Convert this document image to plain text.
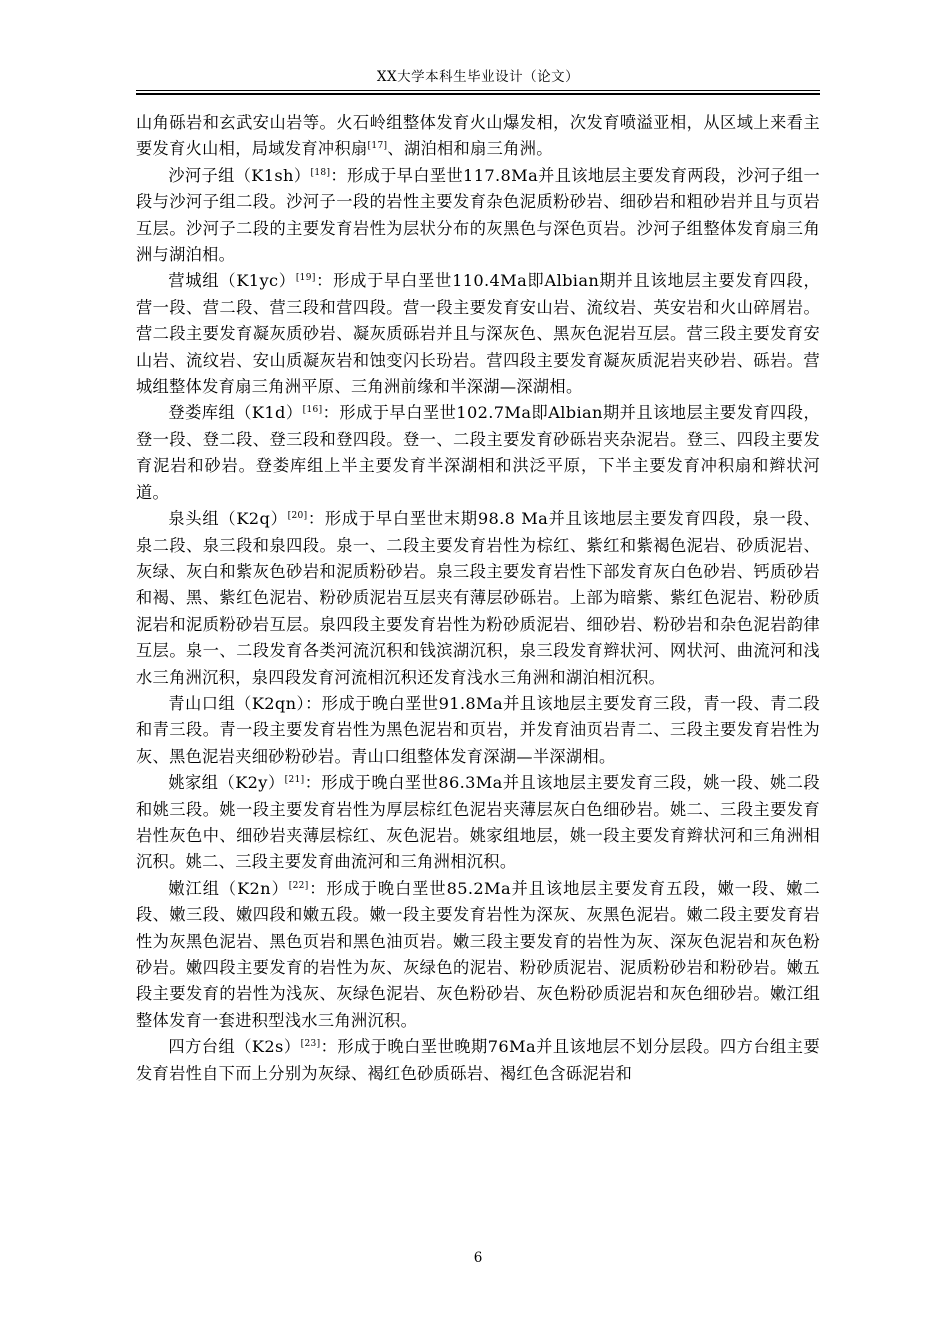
XX大学本科生毕业设计（论文）

山角砾岩和玄武安山岩等。火石岭组整体发育火山爆发相，次发育喷溢亚相，从区域上来看主要发育火山相，局域发育冲积扇[17]、湖泊相和扇三角洲。

沙河子组（K1sh）[18]：形成于早白垩世117.8Ma并且该地层主要发育两段，沙河子组一段与沙河子组二段。沙河子一段的岩性主要发育杂色泥质粉砂岩、细砂岩和粗砂岩并且与页岩互层。沙河子二段的主要发育岩性为层状分布的灰黑色与深色页岩。沙河子组整体发育扇三角洲与湖泊相。

营城组（K1yc）[19]：形成于早白垩世110.4Ma即Albian期并且该地层主要发育四段，营一段、营二段、营三段和营四段。营一段主要发育安山岩、流纹岩、英安岩和火山碎屑岩。营二段主要发育凝灰质砂岩、凝灰质砾岩并且与深灰色、黑灰色泥岩互层。营三段主要发育安山岩、流纹岩、安山质凝灰岩和蚀变闪长玢岩。营四段主要发育凝灰质泥岩夹砂岩、砾岩。营城组整体发育扇三角洲平原、三角洲前缘和半深湖—深湖相。

登娄库组（K1d）[16]：形成于早白垩世102.7Ma即Albian期并且该地层主要发育四段，登一段、登二段、登三段和登四段。登一、二段主要发育砂砾岩夹杂泥岩。登三、四段主要发育泥岩和砂岩。登娄库组上半主要发育半深湖相和洪泛平原，下半主要发育冲积扇和辫状河道。

泉头组（K2q）[20]：形成于早白垩世末期98.8 Ma并且该地层主要发育四段，泉一段、泉二段、泉三段和泉四段。泉一、二段主要发育岩性为棕红、紫红和紫褐色泥岩、砂质泥岩、灰绿、灰白和紫灰色砂岩和泥质粉砂岩。泉三段主要发育岩性下部发育灰白色砂岩、钙质砂岩和褐、黑、紫红色泥岩、粉砂质泥岩互层夹有薄层砂砾岩。上部为暗紫、紫红色泥岩、粉砂质泥岩和泥质粉砂岩互层。泉四段主要发育岩性为粉砂质泥岩、细砂岩、粉砂岩和杂色泥岩韵律互层。泉一、二段发育各类河流沉积和钱滨湖沉积，泉三段发育辫状河、网状河、曲流河和浅水三角洲沉积，泉四段发育河流相沉积还发育浅水三角洲和湖泊相沉积。

青山口组（K2qn）：形成于晚白垩世91.8Ma并且该地层主要发育三段，青一段、青二段和青三段。青一段主要发育岩性为黑色泥岩和页岩，并发育油页岩青二、三段主要发育岩性为灰、黑色泥岩夹细砂粉砂岩。青山口组整体发育深湖—半深湖相。

姚家组（K2y）[21]：形成于晚白垩世86.3Ma并且该地层主要发育三段，姚一段、姚二段和姚三段。姚一段主要发育岩性为厚层棕红色泥岩夹薄层灰白色细砂岩。姚二、三段主要发育岩性灰色中、细砂岩夹薄层棕红、灰色泥岩。姚家组地层，姚一段主要发育辫状河和三角洲相沉积。姚二、三段主要发育曲流河和三角洲相沉积。

嫩江组（K2n）[22]：形成于晚白垩世85.2Ma并且该地层主要发育五段，嫩一段、嫩二段、嫩三段、嫩四段和嫩五段。嫩一段主要发育岩性为深灰、灰黑色泥岩。嫩二段主要发育岩性为灰黑色泥岩、黑色页岩和黑色油页岩。嫩三段主要发育的岩性为灰、深灰色泥岩和灰色粉砂岩。嫩四段主要发育的岩性为灰、灰绿色的泥岩、粉砂质泥岩、泥质粉砂岩和粉砂岩。嫩五段主要发育的岩性为浅灰、灰绿色泥岩、灰色粉砂岩、灰色粉砂质泥岩和灰色细砂岩。嫩江组整体发育一套进积型浅水三角洲沉积。

四方台组（K2s）[23]：形成于晚白垩世晚期76Ma并且该地层不划分层段。四方台组主要发育岩性自下而上分别为灰绿、褐红色砂质砾岩、褐红色含砾泥岩和

6
